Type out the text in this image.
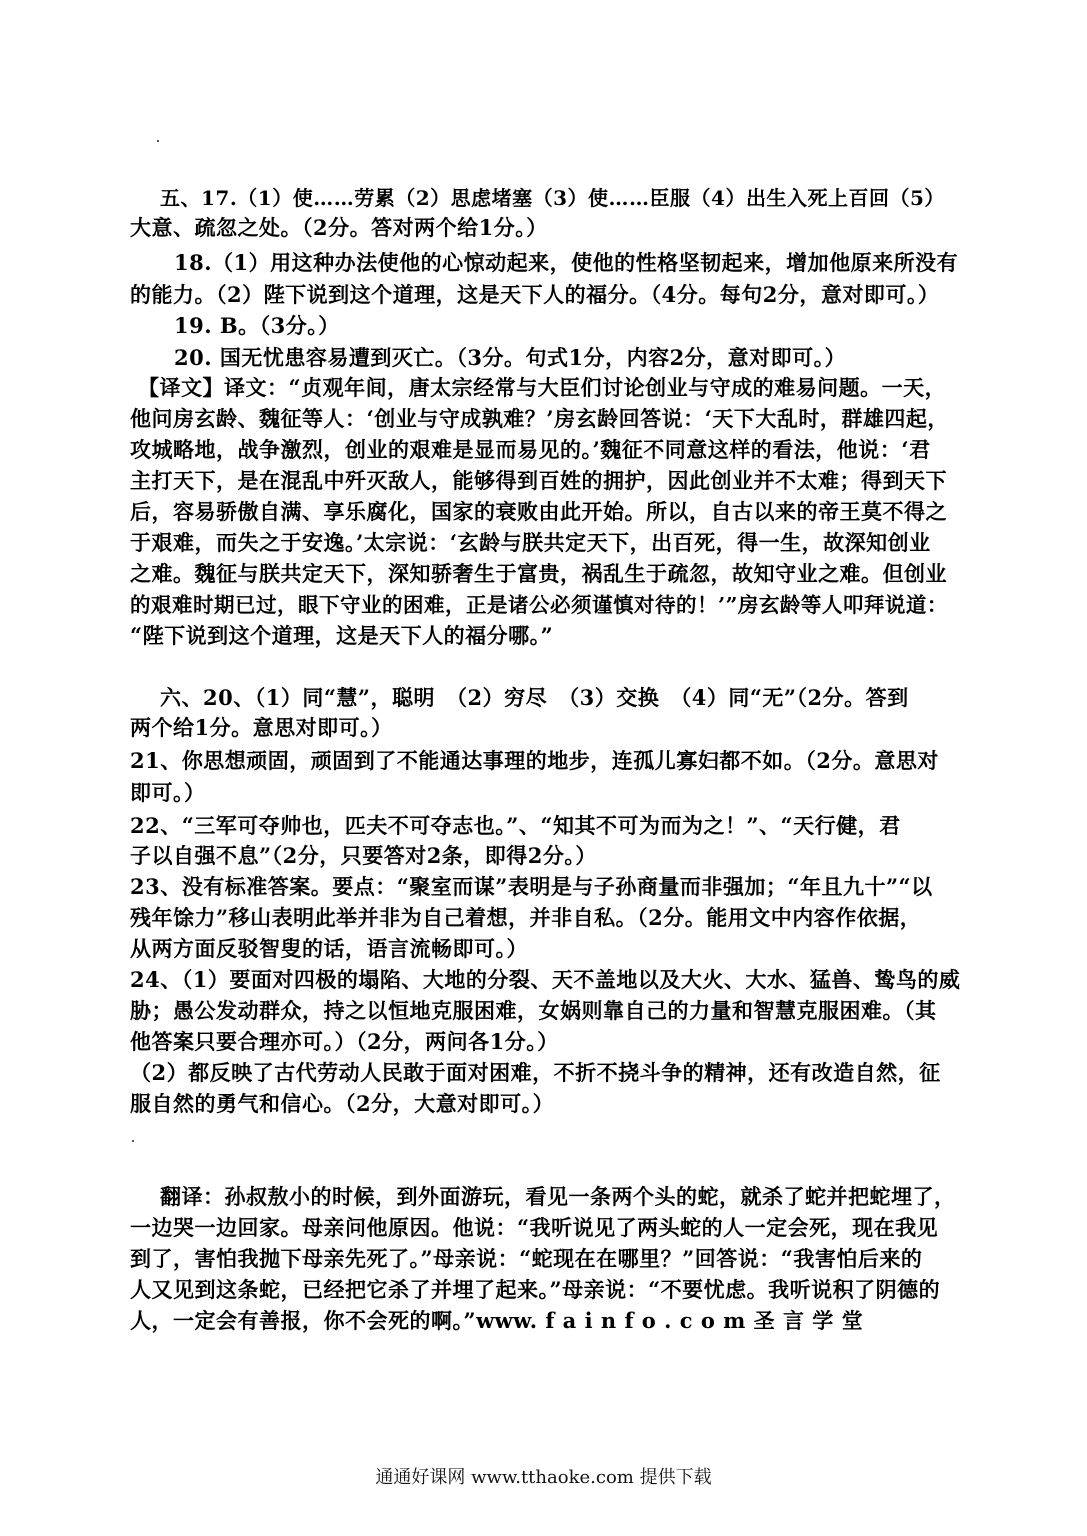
五、17.（1）使……劳累（2）思虑堵塞（3）使……臣服（4）出生入死上百回（5）
大意、疏忽之处。（2分。答对两个给1分。）
18.（1）用这种办法使他的心惊动起来，使他的性格坚韧起来，增加他原来所没有
的能力。（2）陛下说到这个道理，这是天下人的福分。（4分。每句2分，意对即可。）
19. B。（3分。）
20. 国无忧患容易遭到灭亡。（3分。句式1分，内容2分，意对即可。）
【译文】译文：“贞观年间，唐太宗经常与大臣们讨论创业与守成的难易问题。一天，
他问房玄龄、魏征等人：‘创业与守成孰难？’房玄龄回答说：‘天下大乱时，群雄四起，
攻城略地，战争激烈，创业的艰难是显而易见的。’魏征不同意这样的看法，他说：‘君
主打天下，是在混乱中歼灭敌人，能够得到百姓的拥护，因此创业并不太难；得到天下
后，容易骄傲自满、享乐腐化，国家的衰败由此开始。所以，自古以来的帝王莫不得之
于艰难，而失之于安逸。’太宗说：‘玄龄与朕共定天下，出百死，得一生，故深知创业
之难。魏征与朕共定天下，深知骄奢生于富贵，祸乱生于疏忽，故知守业之难。但创业
的艰难时期已过，眼下守业的困难，正是诸公必须谨慎对待的！’”房玄龄等人叩拜说道：
“陛下说到这个道理，这是天下人的福分哪。”
六、20、（1）同“慧”，聪明　（2）穷尽　（3）交换　（4）同“无”（2分。答到
两个给1分。意思对即可。）
21、你思想顽固，顽固到了不能通达事理的地步，连孤儿寡妇都不如。（2分。意思对
即可。）
22、“三军可夺帅也，匹夫不可夺志也。”、“知其不可为而为之！”、“天行健，君
子以自强不息”（2分，只要答对2条，即得2分。）
23、没有标准答案。要点：“聚室而谋”表明是与子孙商量而非强加；“年且九十”“以
残年馀力”移山表明此举并非为自己着想，并非自私。（2分。能用文中内容作依据，
从两方面反驳智叟的话，语言流畅即可。）
24、（1）要面对四极的塌陷、大地的分裂、天不盖地以及大火、大水、猛兽、鸷鸟的威
胁；愚公发动群众，持之以恒地克服困难，女娲则靠自己的力量和智慧克服困难。（其
他答案只要合理亦可。）（2分，两问各1分。）
（2）都反映了古代劳动人民敢于面对困难，不折不挠斗争的精神，还有改造自然，征
服自然的勇气和信心。（2分，大意对即可。）
翻译：孙叔敖小的时候，到外面游玩，看见一条两个头的蛇，就杀了蛇并把蛇埋了，
一边哭一边回家。母亲问他原因。他说：“我听说见了两头蛇的人一定会死，现在我见
到了，害怕我抛下母亲先死了。”母亲说：“蛇现在在哪里？”回答说：“我害怕后来的
人又见到这条蛇，已经把它杀了并埋了起来。”母亲说：“不要忧虑。我听说积了阴德的
人，一定会有善报，你不会死的啊。”www. f a i n f o . c o m 圣 言 学 堂
通通好课网 www.tthaoke.com 提供下载
